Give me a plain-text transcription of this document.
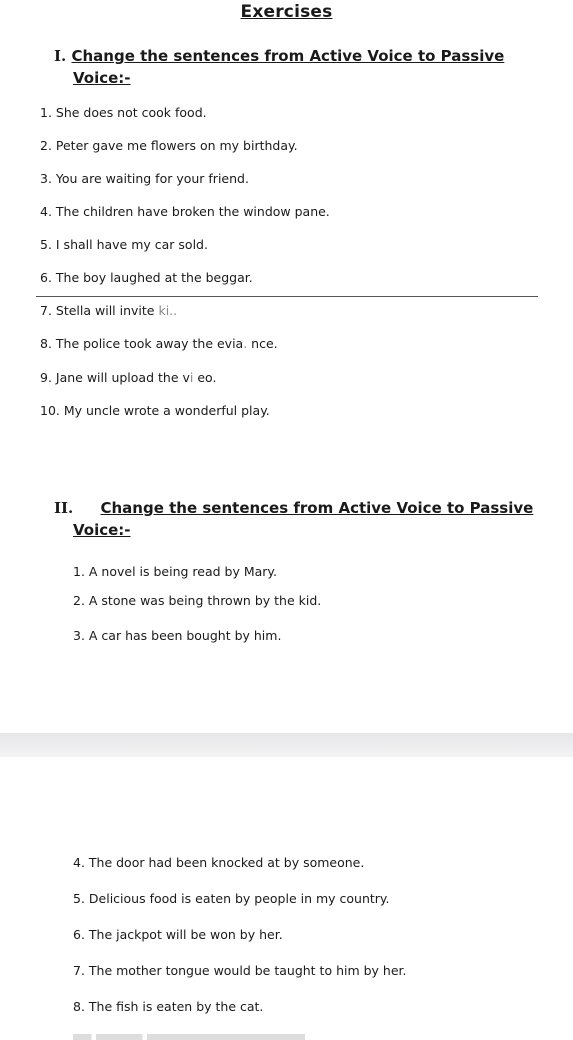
Exercises
I. Change the sentences from Active Voice to Passive
Voice:-
1. She does not cook food.
2. Peter gave me flowers on my birthday.
3. You are waiting for your friend.
4. The children have broken the window pane.
5. I shall have my car sold.
6. The boy laughed at the beggar.
7. Stella will invite ki..
8. The police took away the evia. nce.
9. Jane will upload the vi eo.
10. My uncle wrote a wonderful play.
II. Change the sentences from Active Voice to Passive
Voice:-
1. A novel is being read by Mary.
2. A stone was being thrown by the kid.
3. A car has been bought by him.
4. The door had been knocked at by someone.
5. Delicious food is eaten by people in my country.
6. The jackpot will be won by her.
7. The mother tongue would be taught to him by her.
8. The fish is eaten by the cat.
